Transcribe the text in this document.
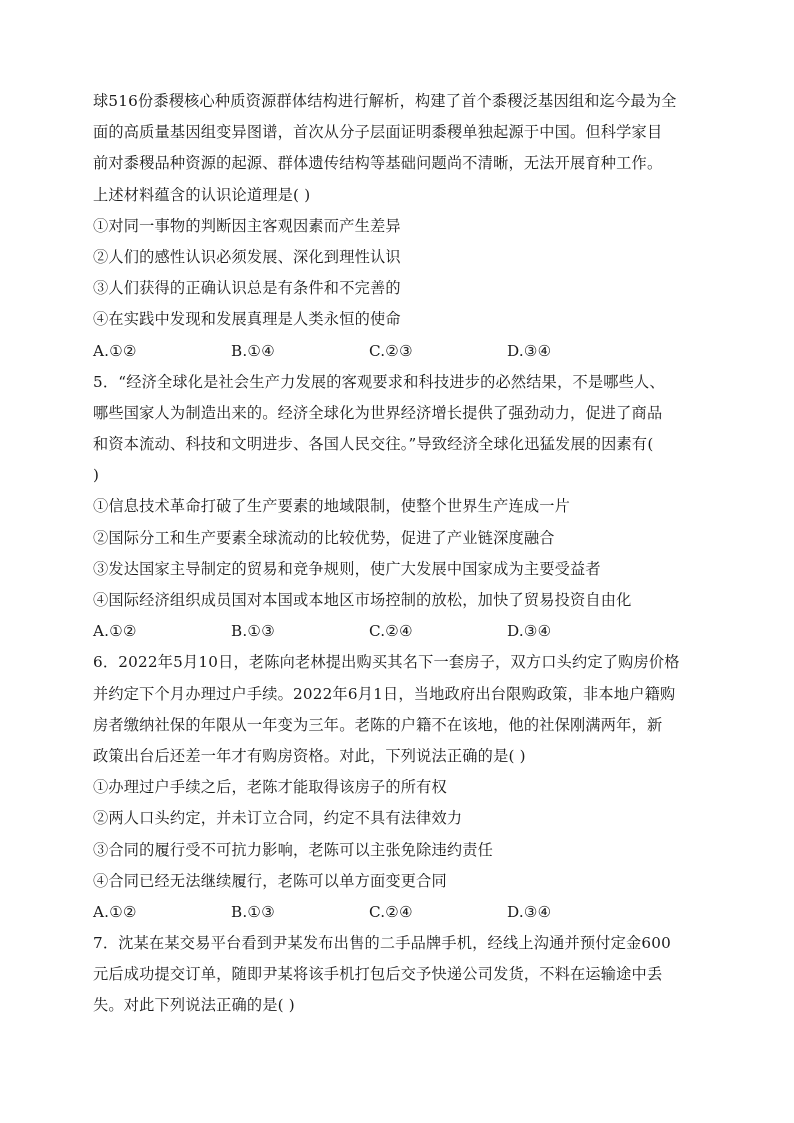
球516份黍稷核心种质资源群体结构进行解析，构建了首个黍稷泛基因组和迄今最为全
面的高质量基因组变异图谱，首次从分子层面证明黍稷单独起源于中国。但科学家目
前对黍稷品种资源的起源、群体遗传结构等基础问题尚不清晰，无法开展育种工作。
上述材料蕴含的认识论道理是( )
①对同一事物的判断因主客观因素而产生差异
②人们的感性认识必须发展、深化到理性认识
③人们获得的正确认识总是有条件和不完善的
④在实践中发现和发展真理是人类永恒的使命
A.①②	B.①④	C.②③	D.③④
5．“经济全球化是社会生产力发展的客观要求和科技进步的必然结果，不是哪些人、
哪些国家人为制造出来的。经济全球化为世界经济增长提供了强劲动力，促进了商品
和资本流动、科技和文明进步、各国人民交往。”导致经济全球化迅猛发展的因素有(
)
①信息技术革命打破了生产要素的地域限制，使整个世界生产连成一片
②国际分工和生产要素全球流动的比较优势，促进了产业链深度融合
③发达国家主导制定的贸易和竞争规则，使广大发展中国家成为主要受益者
④国际经济组织成员国对本国或本地区市场控制的放松，加快了贸易投资自由化
A.①②	B.①③	C.②④	D.③④
6．2022年5月10日，老陈向老林提出购买其名下一套房子，双方口头约定了购房价格
并约定下个月办理过户手续。2022年6月1日，当地政府出台限购政策，非本地户籍购
房者缴纳社保的年限从一年变为三年。老陈的户籍不在该地，他的社保刚满两年，新
政策出台后还差一年才有购房资格。对此，下列说法正确的是( )
①办理过户手续之后，老陈才能取得该房子的所有权
②两人口头约定，并未订立合同，约定不具有法律效力
③合同的履行受不可抗力影响，老陈可以主张免除违约责任
④合同已经无法继续履行，老陈可以单方面变更合同
A.①②	B.①③	C.②④	D.③④
7．沈某在某交易平台看到尹某发布出售的二手品牌手机，经线上沟通并预付定金600
元后成功提交订单，随即尹某将该手机打包后交予快递公司发货，不料在运输途中丢
失。对此下列说法正确的是( )
